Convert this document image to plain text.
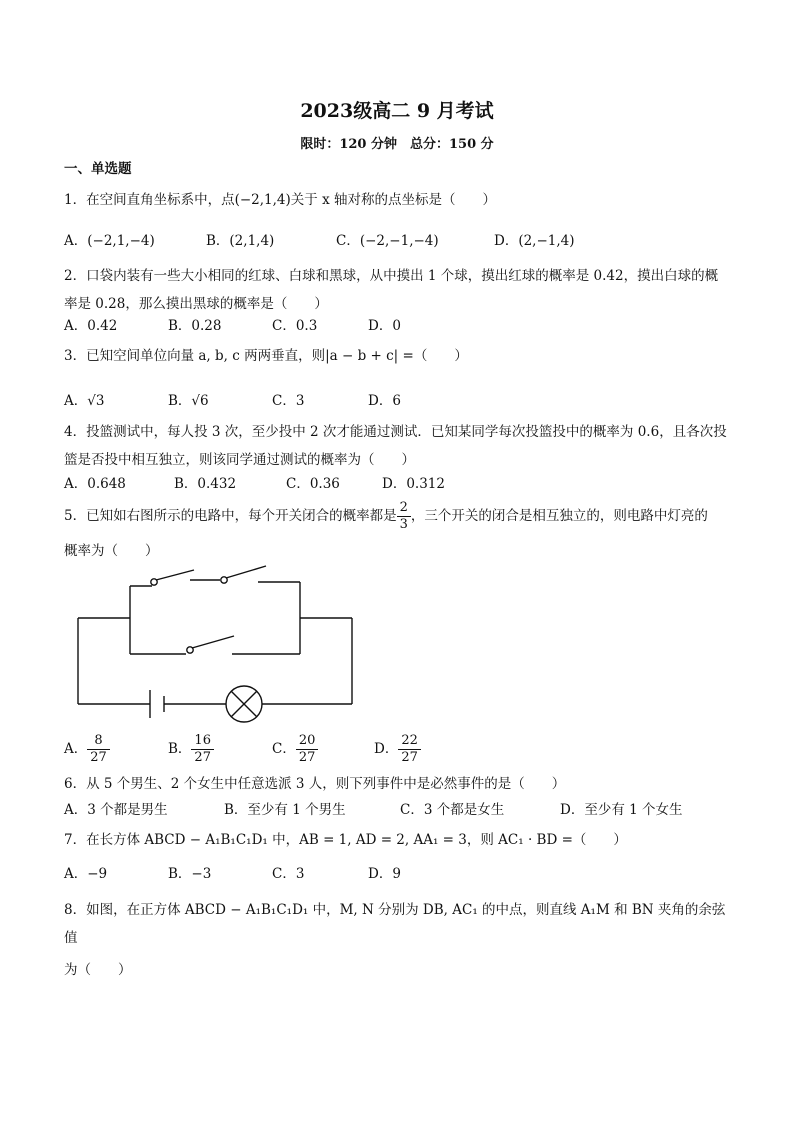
2023级高二 9 月考试
限时：120 分钟　总分：150 分
一、单选题
1．在空间直角坐标系中，点(−2,1,4)关于 x 轴对称的点坐标是（　　）
A．(−2,1,−4)	B．(2,1,4)	C．(−2,−1,−4)	D．(2,−1,4)
2．口袋内装有一些大小相同的红球、白球和黑球，从中摸出 1 个球，摸出红球的概率是 0.42，摸出白球的概
率是 0.28，那么摸出黑球的概率是（　　）
A．0.42	B．0.28	C．0.3	D．0
3．已知空间单位向量 a, b, c 两两垂直，则|a − b + c| =（　　）
A．√3	B．√6	C．3	D．6
4．投篮测试中，每人投 3 次，至少投中 2 次才能通过测试．已知某同学每次投篮投中的概率为 0.6，且各次投
篮是否投中相互独立，则该同学通过测试的概率为（　　）
A．0.648	B．0.432	C．0.36	D．0.312
5．已知如右图所示的电路中，每个开关闭合的概率都是 $\frac{2}{3}$ ，三个开关的闭合是相互独立的，则电路中灯亮的
概率为（　　）
A． $\frac{8}{27}$	B． $\frac{16}{27}$	C． $\frac{20}{27}$	D． $\frac{22}{27}$
6．从 5 个男生、2 个女生中任意选派 3 人，则下列事件中是必然事件的是（　　）
A．3 个都是男生	B．至少有 1 个男生	C．3 个都是女生	D．至少有 1 个女生
7．在长方体 ABCD − A₁B₁C₁D₁ 中，AB = 1, AD = 2, AA₁ = 3，则 AC₁ · BD =（　　）
A．−9	B．−3	C．3	D．9
8．如图，在正方体 ABCD − A₁B₁C₁D₁ 中，M, N 分别为 DB, AC₁ 的中点，则直线 A₁M 和 BN 夹角的余弦值
为（　　）
